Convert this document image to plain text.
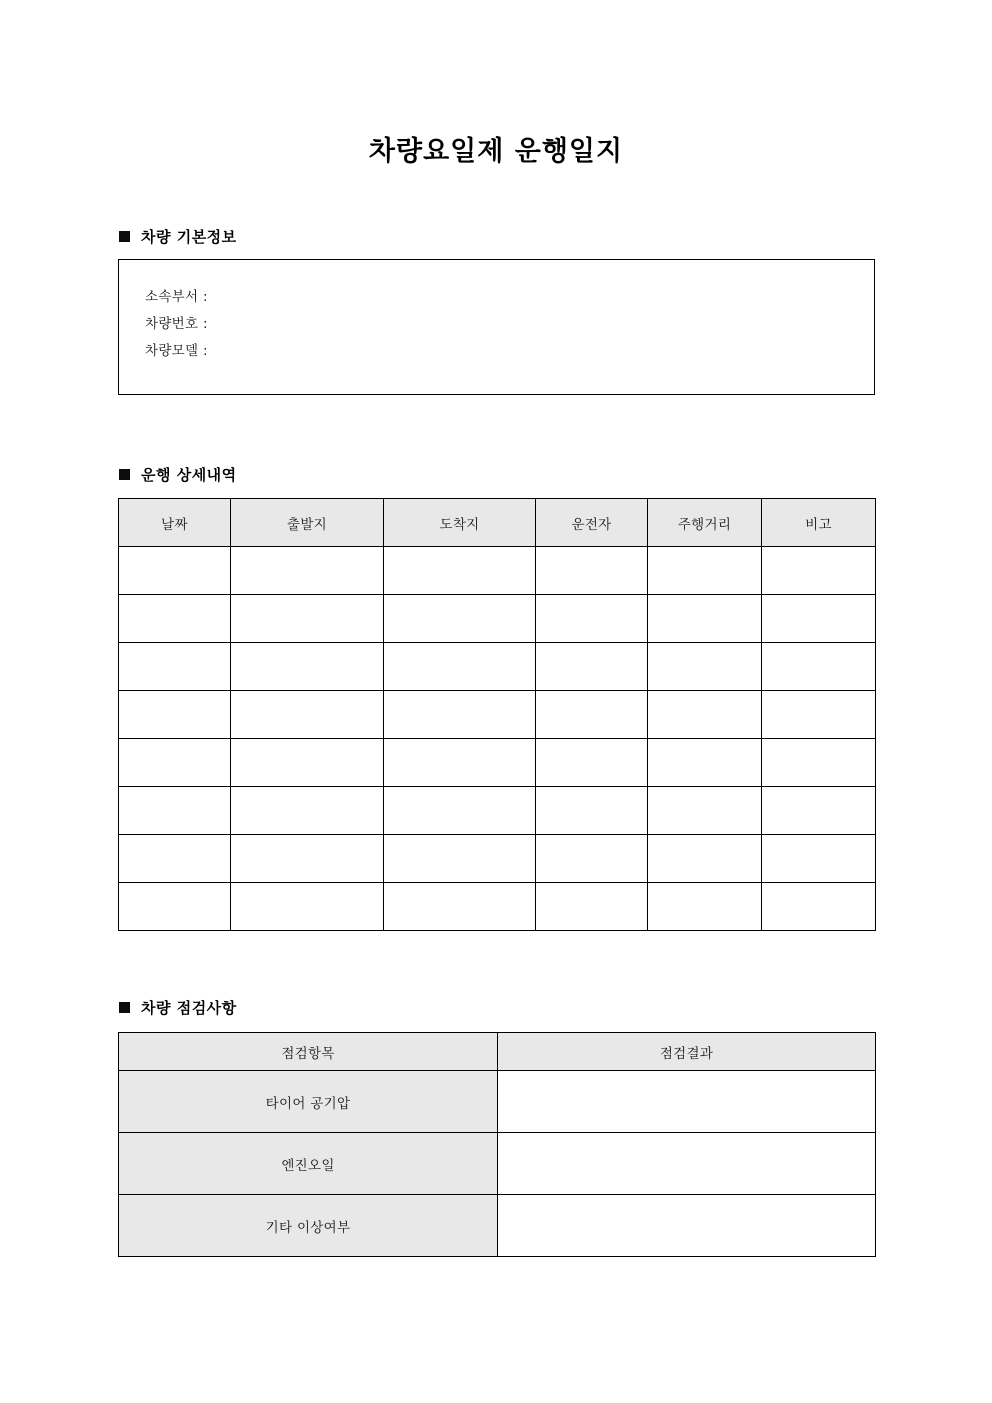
차량요일제 운행일지
차량 기본정보
소속부서 :
차량번호 :
차량모델 :
운행 상세내역
날짜	출발지	도착지	운전자	주행거리	비고

차량 점검사항
점검항목	점검결과
타이어 공기압	
엔진오일	
기타 이상여부	
